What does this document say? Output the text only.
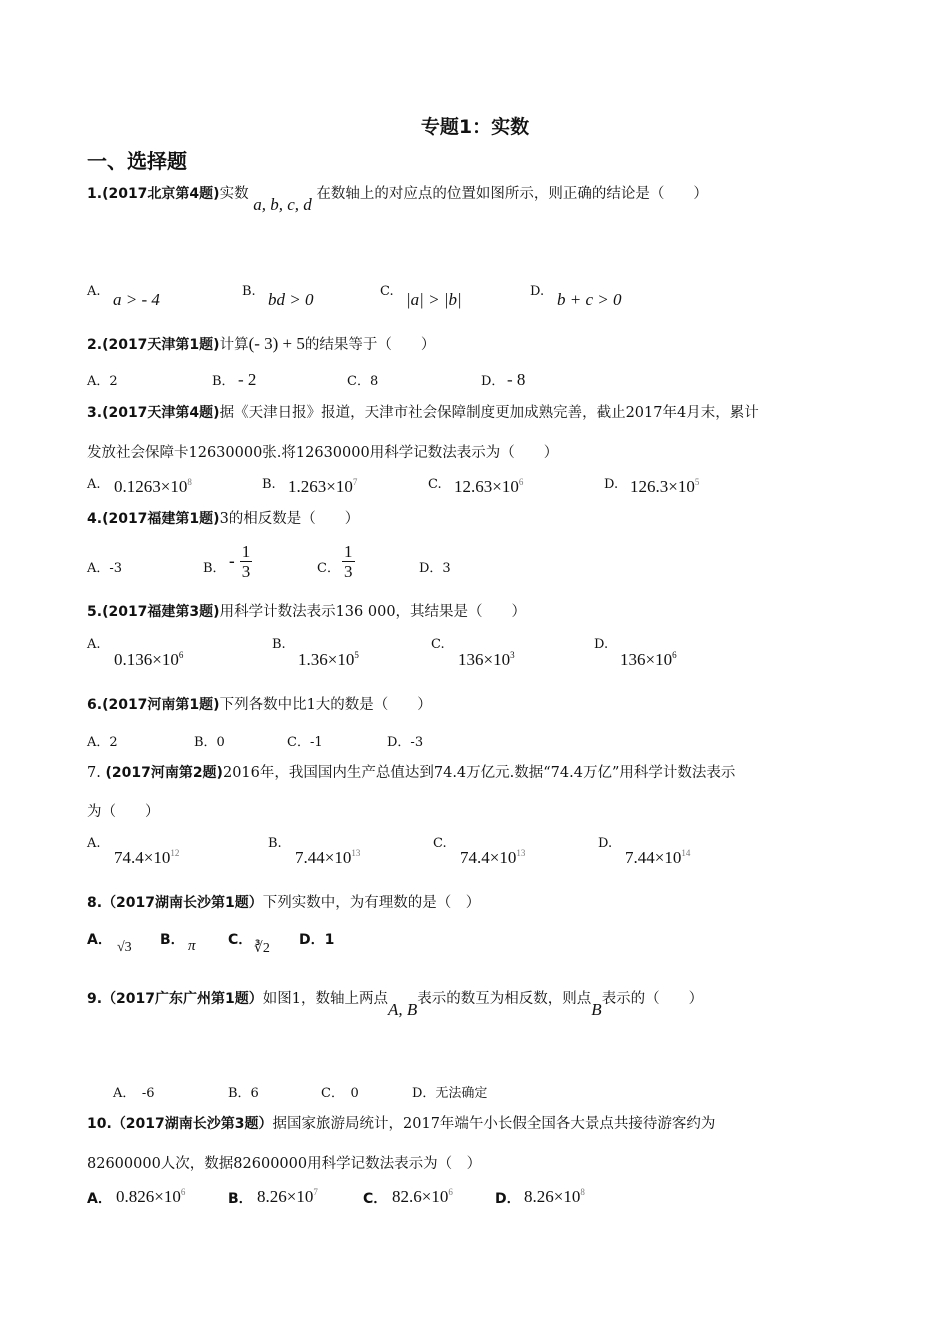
专题1：实数
一、选择题
1.(2017北京第4题)实数 a, b, c, d 在数轴上的对应点的位置如图所示，则正确的结论是（　　）
A. a > - 4	B. bd > 0	C. |a| > |b|	D. b + c > 0
2.(2017天津第1题)计算(- 3) + 5的结果等于（　　）
A．2	B． - 2	C．8	D． - 8
3.(2017天津第4题)据《天津日报》报道，天津市社会保障制度更加成熟完善，截止2017年4月末，累计
发放社会保障卡12630000张.将12630000用科学记数法表示为（　　）
A. $0.1263\times 10^8$	B. $1.263\times 10^7$	C. $12.63\times 10^6$	D. $126.3\times 10^5$
4.(2017福建第1题)3的相反数是（　　）
A．-3	B． - $\frac{1}{3}$	C． $\frac{1}{3}$	D．3
5.(2017福建第3题)用科学计数法表示136 000，其结果是（　　）
A.
$0.136\times 10^6$
B.
$1.36\times 10^5$
C.
$136\times 10^3$
D.
$136\times 10^6$
6.(2017河南第1题)下列各数中比1大的数是（　　）
A．2	B．0	C．-1	D．-3
7. (2017河南第2题)2016年，我国国内生产总值达到74.4万亿元.数据“74.4万亿”用科学计数法表示
为（　　）
A.
$74.4\times 10^{12}$
B.
$7.44\times 10^{13}$
C.
$74.4\times 10^{13}$
D.
$7.44\times 10^{14}$
8.（2017湖南长沙第1题）下列实数中，为有理数的是（　）
A． √3 B． π C．
∛2
D．1
9.（2017广东广州第1题）如图1，数轴上两点A, B表示的数互为相反数，则点B表示的（　　）
A．　-6	B．6	C．　0	D．无法确定
10.（2017湖南长沙第3题）据国家旅游局统计，2017年端午小长假全国各大景点共接待游客约为
82600000人次，数据82600000用科学记数法表示为（　）
A． $0.826\times 10^6$	B． $8.26\times 10^7$	C． $82.6\times 10^6$	D． $8.26\times 10^8$
